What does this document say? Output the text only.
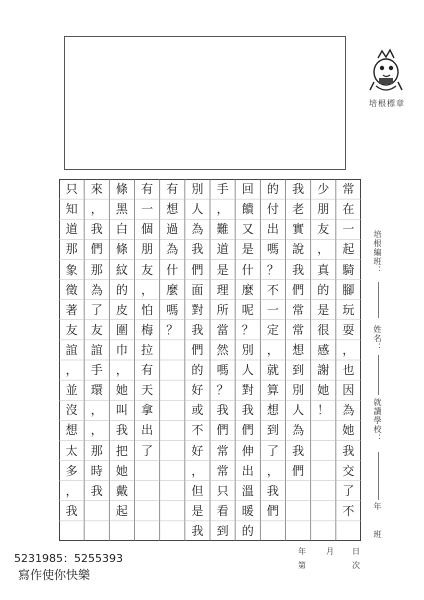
培根標章
常
在
一
起
騎
腳
玩
耍
，
也
因
為
她
我
交
了
不
少
朋
友
，
真
的
是
很
感
謝
她
！
我
老
實
說
我
們
常
常
想
到
別
人
為
我
們
的
付
出
嗎
？
不
一
定
，
就
算
想
到
了
，
我
們
回
饋
又
是
什
麼
呢
？
別
人
對
我
們
伸
出
溫
暖
的
手
，
難
道
是
理
所
當
然
嗎
？
我
們
常
常
只
看
到
別
人
為
我
們
面
對
我
們
的
好
或
不
好
，
但
是
我
有
想
過
為
什
麼
嗎
？
有
一
個
朋
友
，
怕
梅
拉
有
天
拿
出
了
條
黑
白
條
紋
的
皮
圍
巾
，
她
叫
我
把
她
戴
起
來
，
我
們
那
為
了
友
誼
手
環
，
，
那
時
我
只
知
道
那
象
徵
著
友
誼
，
並
沒
想
太
多
，
我
培根編班：
姓名：
就讀學校：
年
班
年	月 日
第	次
5231985：5255393
寫作使你快樂
